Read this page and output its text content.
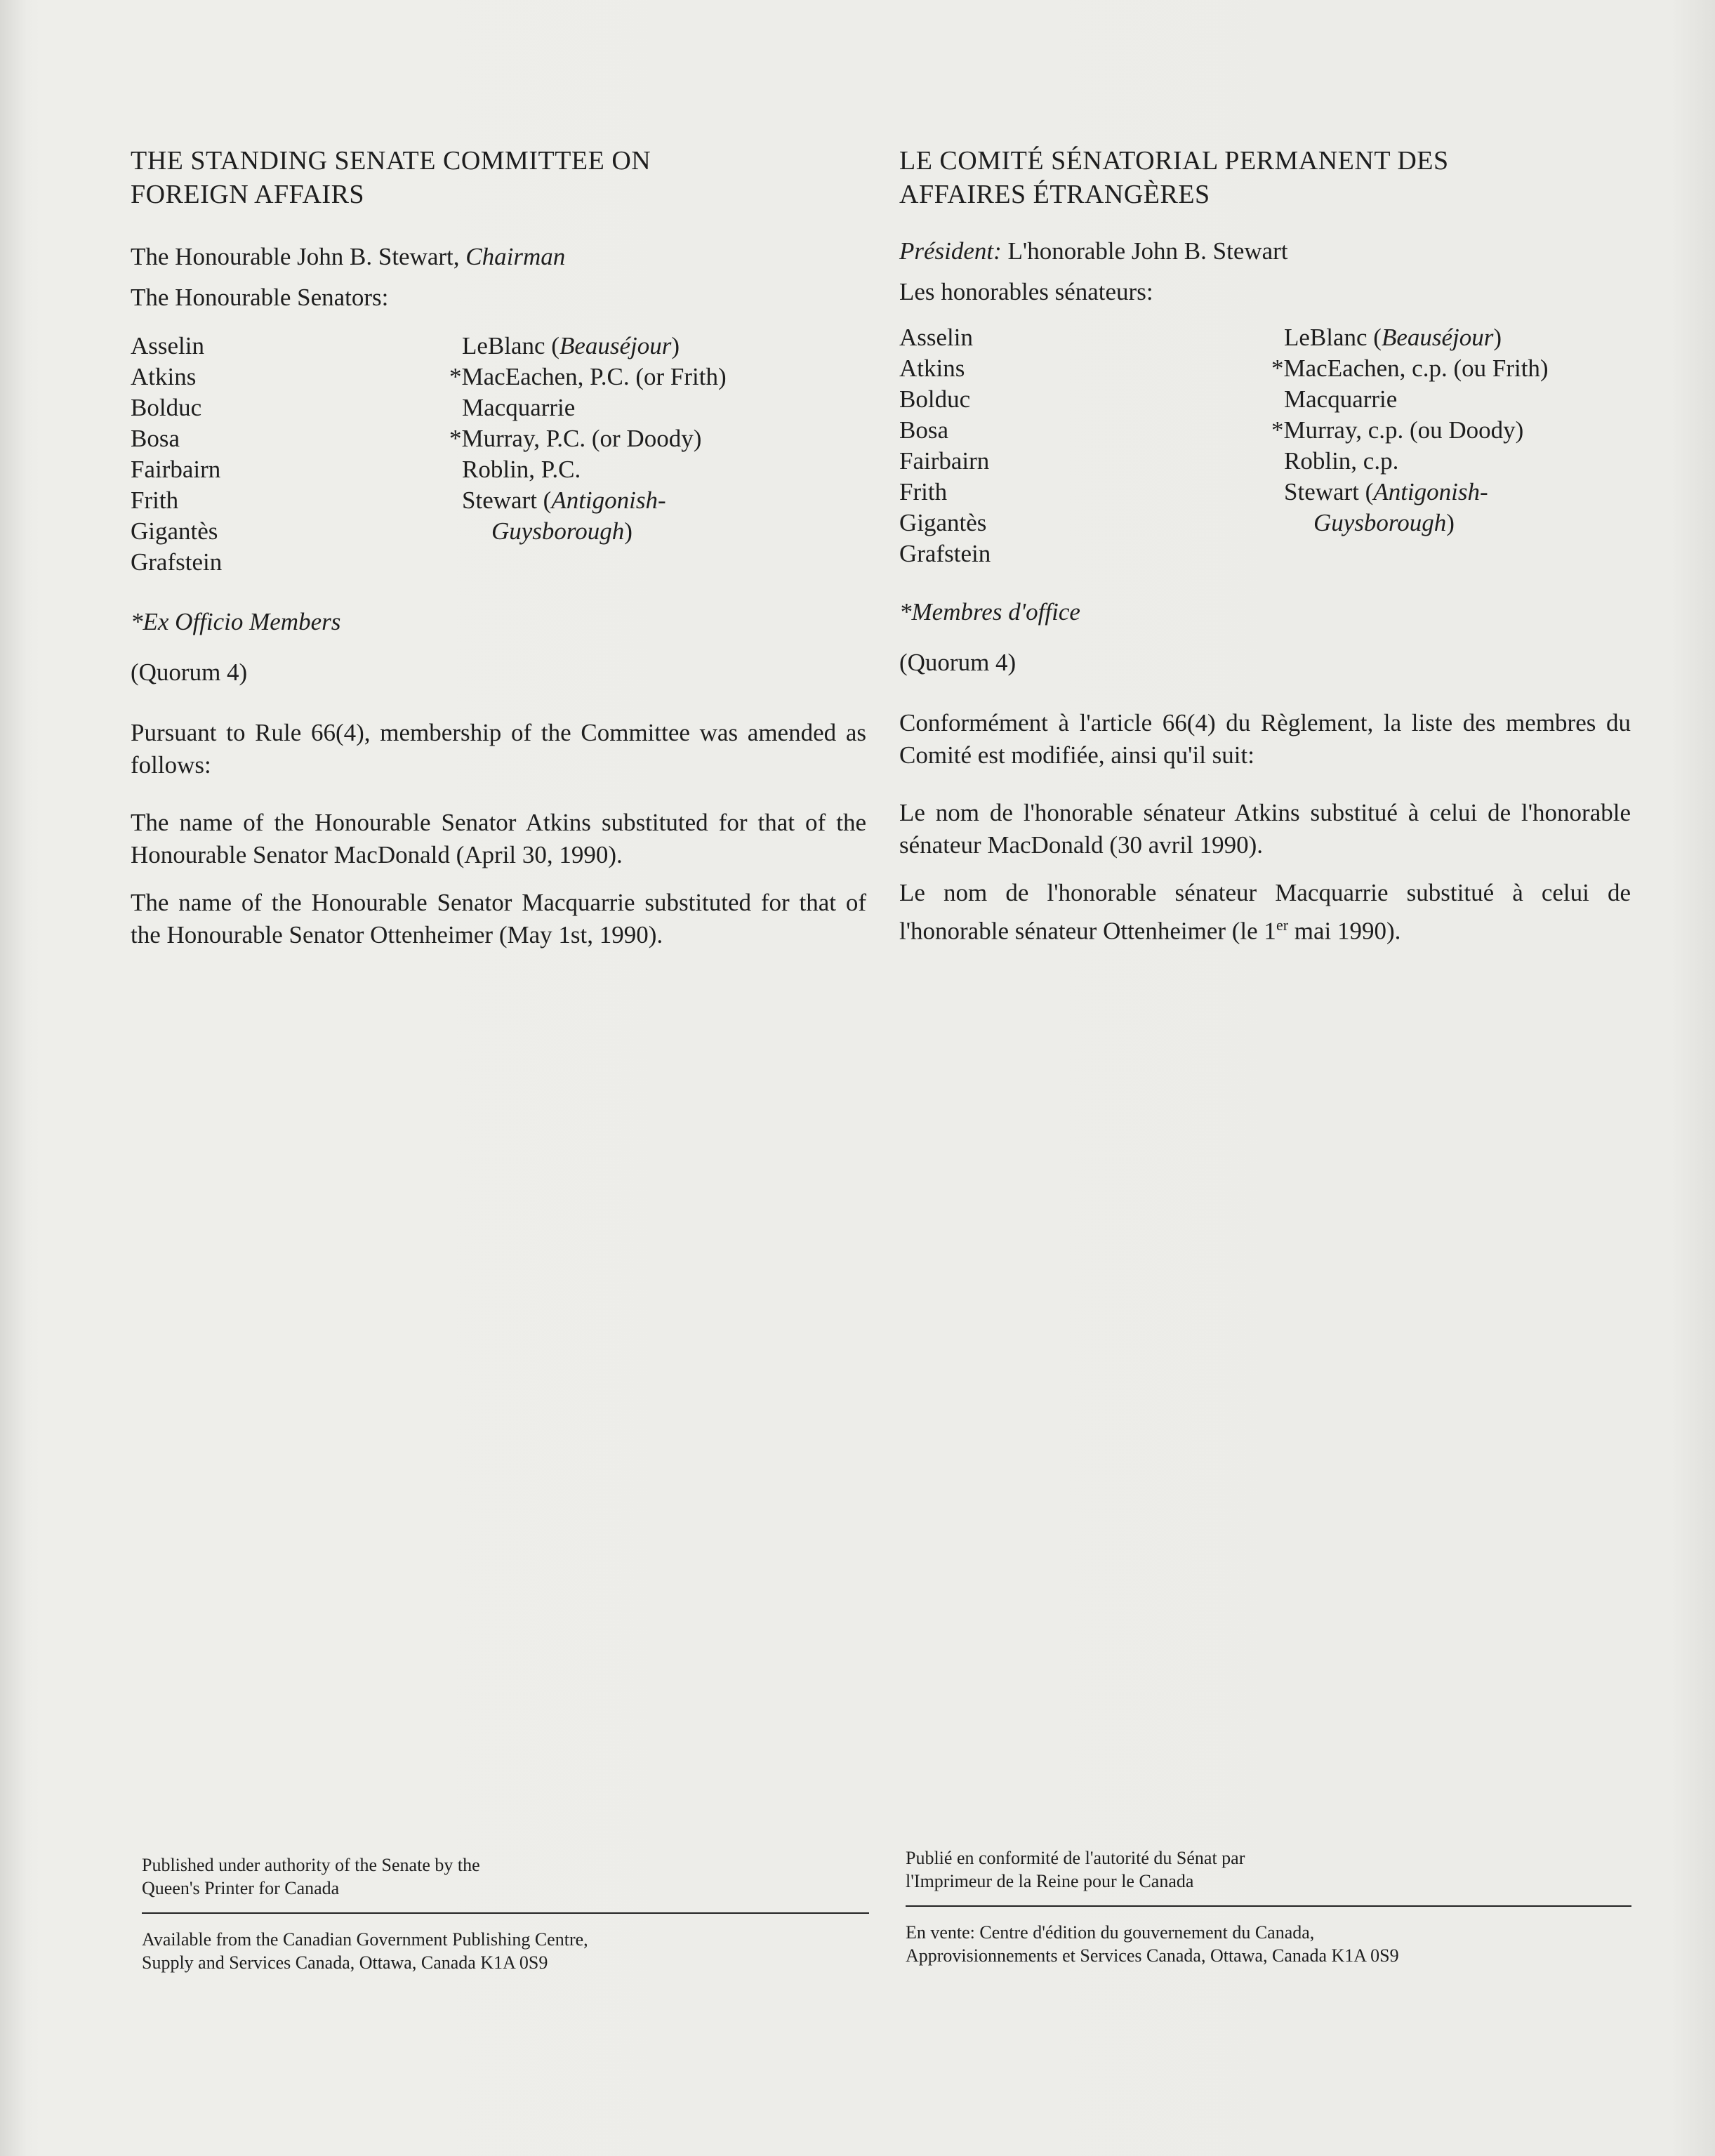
THE STANDING SENATE COMMITTEE ON
FOREIGN AFFAIRS

The Honourable John B. Stewart, Chairman

The Honourable Senators:

Asselin
Atkins
Bolduc
Bosa
Fairbairn
Frith
Gigantès
Grafstein
LeBlanc (Beauséjour)
*MacEachen, P.C. (or Frith)
Macquarrie
*Murray, P.C. (or Doody)
Roblin, P.C.
Stewart (Antigonish-
Guysborough)

*Ex Officio Members

(Quorum 4)

Pursuant to Rule 66(4), membership of the Committee was amended as follows:

The name of the Honourable Senator Atkins substituted for that of the Honourable Senator MacDonald (April 30, 1990).

The name of the Honourable Senator Macquarrie substituted for that of the Honourable Senator Ottenheimer (May 1st, 1990).

LE COMITÉ SÉNATORIAL PERMANENT DES
AFFAIRES ÉTRANGÈRES

Président: L'honorable John B. Stewart

Les honorables sénateurs:

Asselin
Atkins
Bolduc
Bosa
Fairbairn
Frith
Gigantès
Grafstein
LeBlanc (Beauséjour)
*MacEachen, c.p. (ou Frith)
Macquarrie
*Murray, c.p. (ou Doody)
Roblin, c.p.
Stewart (Antigonish-
Guysborough)

*Membres d'office

(Quorum 4)

Conformément à l'article 66(4) du Règlement, la liste des membres du Comité est modifiée, ainsi qu'il suit:

Le nom de l'honorable sénateur Atkins substitué à celui de l'honorable sénateur MacDonald (30 avril 1990).

Le nom de l'honorable sénateur Macquarrie substitué à celui de l'honorable sénateur Ottenheimer (le 1er mai 1990).

Published under authority of the Senate by the

Queen's Printer for Canada

Available from the Canadian Government Publishing Centre,

Supply and Services Canada, Ottawa, Canada K1A 0S9

Publié en conformité de l'autorité du Sénat par

l'Imprimeur de la Reine pour le Canada

En vente: Centre d'édition du gouvernement du Canada,

Approvisionnements et Services Canada, Ottawa, Canada K1A 0S9
